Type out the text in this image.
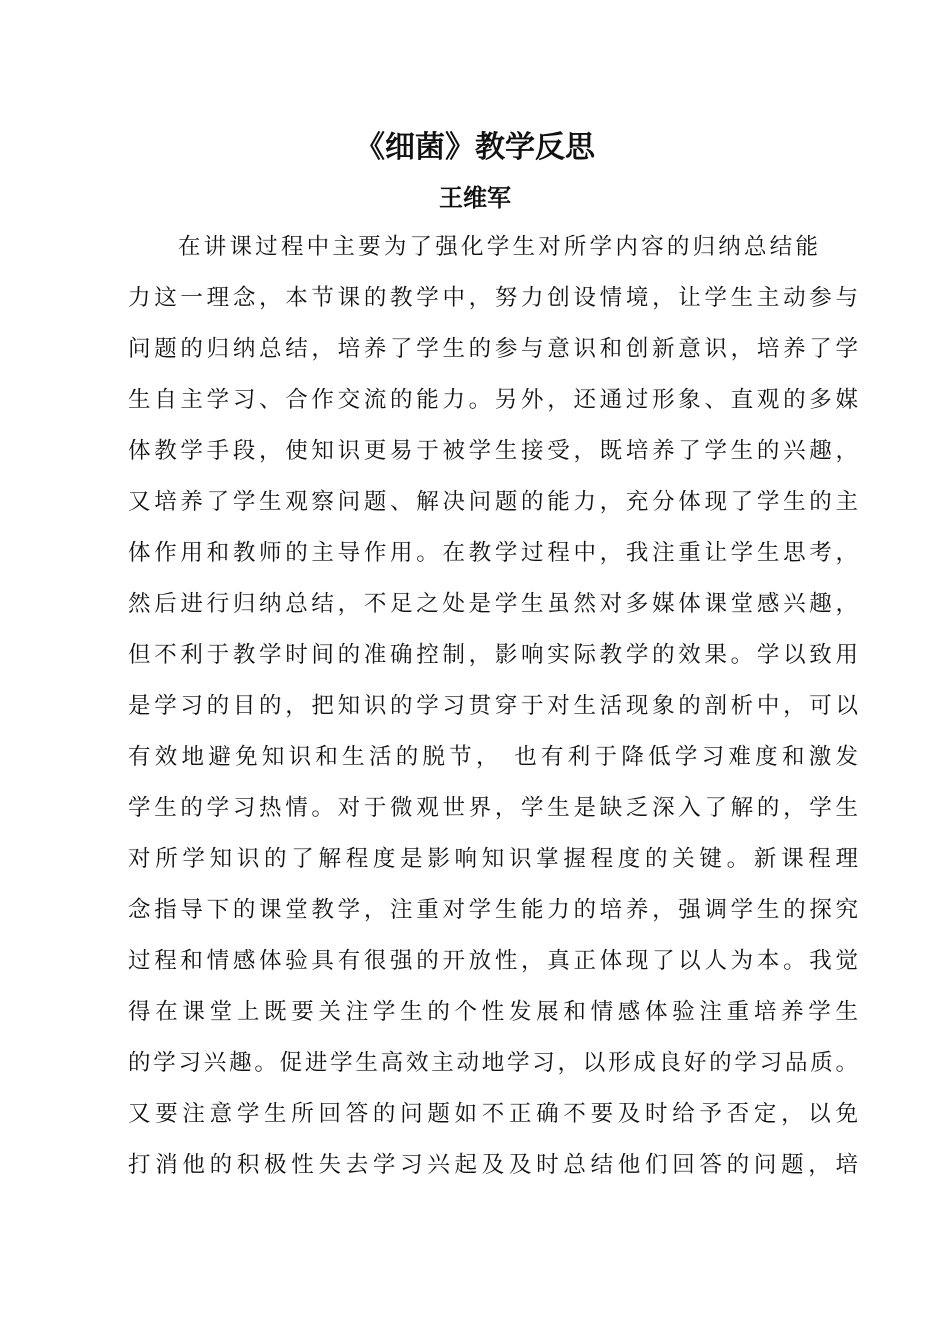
《细菌》教学反思
王维军
在讲课过程中主要为了强化学生对所学内容的归纳总结能
力这一理念，本节课的教学中，努力创设情境，让学生主动参与
问题的归纳总结，培养了学生的参与意识和创新意识，培养了学
生自主学习、合作交流的能力。另外，还通过形象、直观的多媒
体教学手段，使知识更易于被学生接受，既培养了学生的兴趣，
又培养了学生观察问题、解决问题的能力，充分体现了学生的主
体作用和教师的主导作用。在教学过程中，我注重让学生思考，
然后进行归纳总结，不足之处是学生虽然对多媒体课堂感兴趣，
但不利于教学时间的准确控制，影响实际教学的效果。学以致用
是学习的目的，把知识的学习贯穿于对生活现象的剖析中，可以
有效地避免知识和生活的脱节， 也有利于降低学习难度和激发
学生的学习热情。对于微观世界，学生是缺乏深入了解的，学生
对所学知识的了解程度是影响知识掌握程度的关键。新课程理
念指导下的课堂教学，注重对学生能力的培养，强调学生的探究
过程和情感体验具有很强的开放性，真正体现了以人为本。我觉
得在课堂上既要关注学生的个性发展和情感体验注重培养学生
的学习兴趣。促进学生高效主动地学习，以形成良好的学习品质。
又要注意学生所回答的问题如不正确不要及时给予否定，以免
打消他的积极性失去学习兴起及及时总结他们回答的问题，培
